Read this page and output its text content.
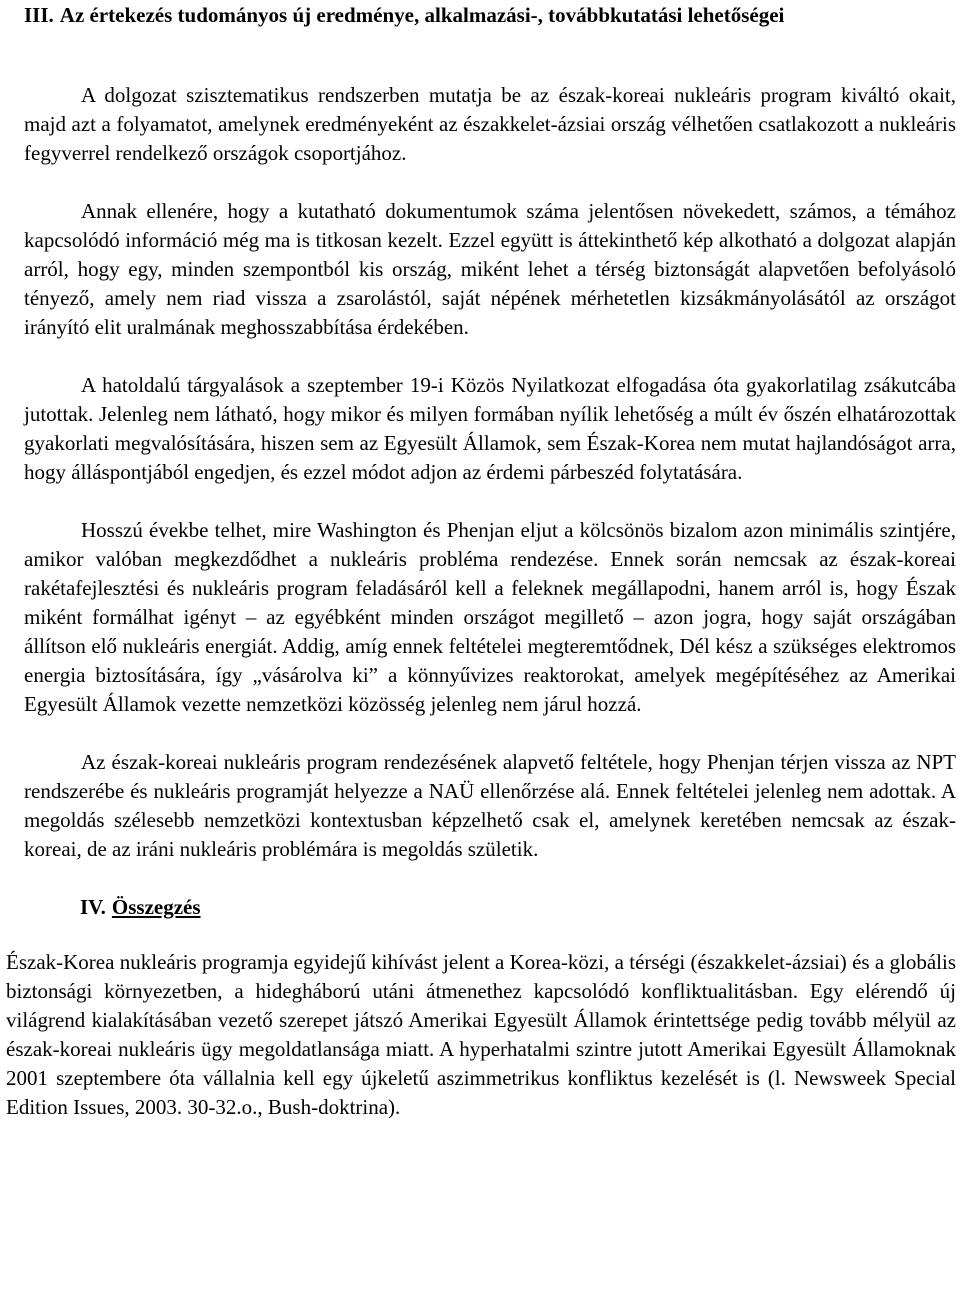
III. Az értekezés tudományos új eredménye, alkalmazási-, továbbkutatási lehetőségei

A dolgozat szisztematikus rendszerben mutatja be az észak-koreai nukleáris program kiváltó okait, majd azt a folyamatot, amelynek eredményeként az északkelet-ázsiai ország vélhetően csatlakozott a nukleáris fegyverrel rendelkező országok csoportjához.

Annak ellenére, hogy a kutatható dokumentumok száma jelentősen növekedett, számos, a témához kapcsolódó információ még ma is titkosan kezelt. Ezzel együtt is áttekinthető kép alkotható a dolgozat alapján arról, hogy egy, minden szempontból kis ország, miként lehet a térség biztonságát alapvetően befolyásoló tényező, amely nem riad vissza a zsarolástól, saját népének mérhetetlen kizsákmányolásától az országot irányító elit uralmának meghosszabbítása érdekében.

A hatoldalú tárgyalások a szeptember 19-i Közös Nyilatkozat elfogadása óta gyakorlatilag zsákutcába jutottak. Jelenleg nem látható, hogy mikor és milyen formában nyílik lehetőség a múlt év őszén elhatározottak gyakorlati megvalósítására, hiszen sem az Egyesült Államok, sem Észak-Korea nem mutat hajlandóságot arra, hogy álláspontjából engedjen, és ezzel módot adjon az érdemi párbeszéd folytatására.

Hosszú évekbe telhet, mire Washington és Phenjan eljut a kölcsönös bizalom azon minimális szintjére, amikor valóban megkezdődhet a nukleáris probléma rendezése. Ennek során nemcsak az észak-koreai rakétafejlesztési és nukleáris program feladásáról kell a feleknek megállapodni, hanem arról is, hogy Észak miként formálhat igényt – az egyébként minden országot megillető – azon jogra, hogy saját országában állítson elő nukleáris energiát. Addig, amíg ennek feltételei megteremtődnek, Dél kész a szükséges elektromos energia biztosítására, így „vásárolva ki” a könnyűvizes reaktorokat, amelyek megépítéséhez az Amerikai Egyesült Államok vezette nemzetközi közösség jelenleg nem járul hozzá.

Az észak-koreai nukleáris program rendezésének alapvető feltétele, hogy Phenjan térjen vissza az NPT rendszerébe és nukleáris programját helyezze a NAÜ ellenőrzése alá. Ennek feltételei jelenleg nem adottak. A megoldás szélesebb nemzetközi kontextusban képzelhető csak el, amelynek keretében nemcsak az észak-koreai, de az iráni nukleáris problémára is megoldás születik.

IV. Összegzés

Észak-Korea nukleáris programja egyidejű kihívást jelent a Korea-közi, a térségi (északkelet-ázsiai) és a globális biztonsági környezetben, a hidegháború utáni átmenethez kapcsolódó konfliktualitásban. Egy elérendő új világrend kialakításában vezető szerepet játszó Amerikai Egyesült Államok érintettsége pedig tovább mélyül az észak-koreai nukleáris ügy megoldatlansága miatt. A hyperhatalmi szintre jutott Amerikai Egyesült Államoknak 2001 szeptembere óta vállalnia kell egy újkeletű aszimmetrikus konfliktus kezelését is (l. Newsweek Special Edition Issues, 2003. 30-32.o., Bush-doktrina).
